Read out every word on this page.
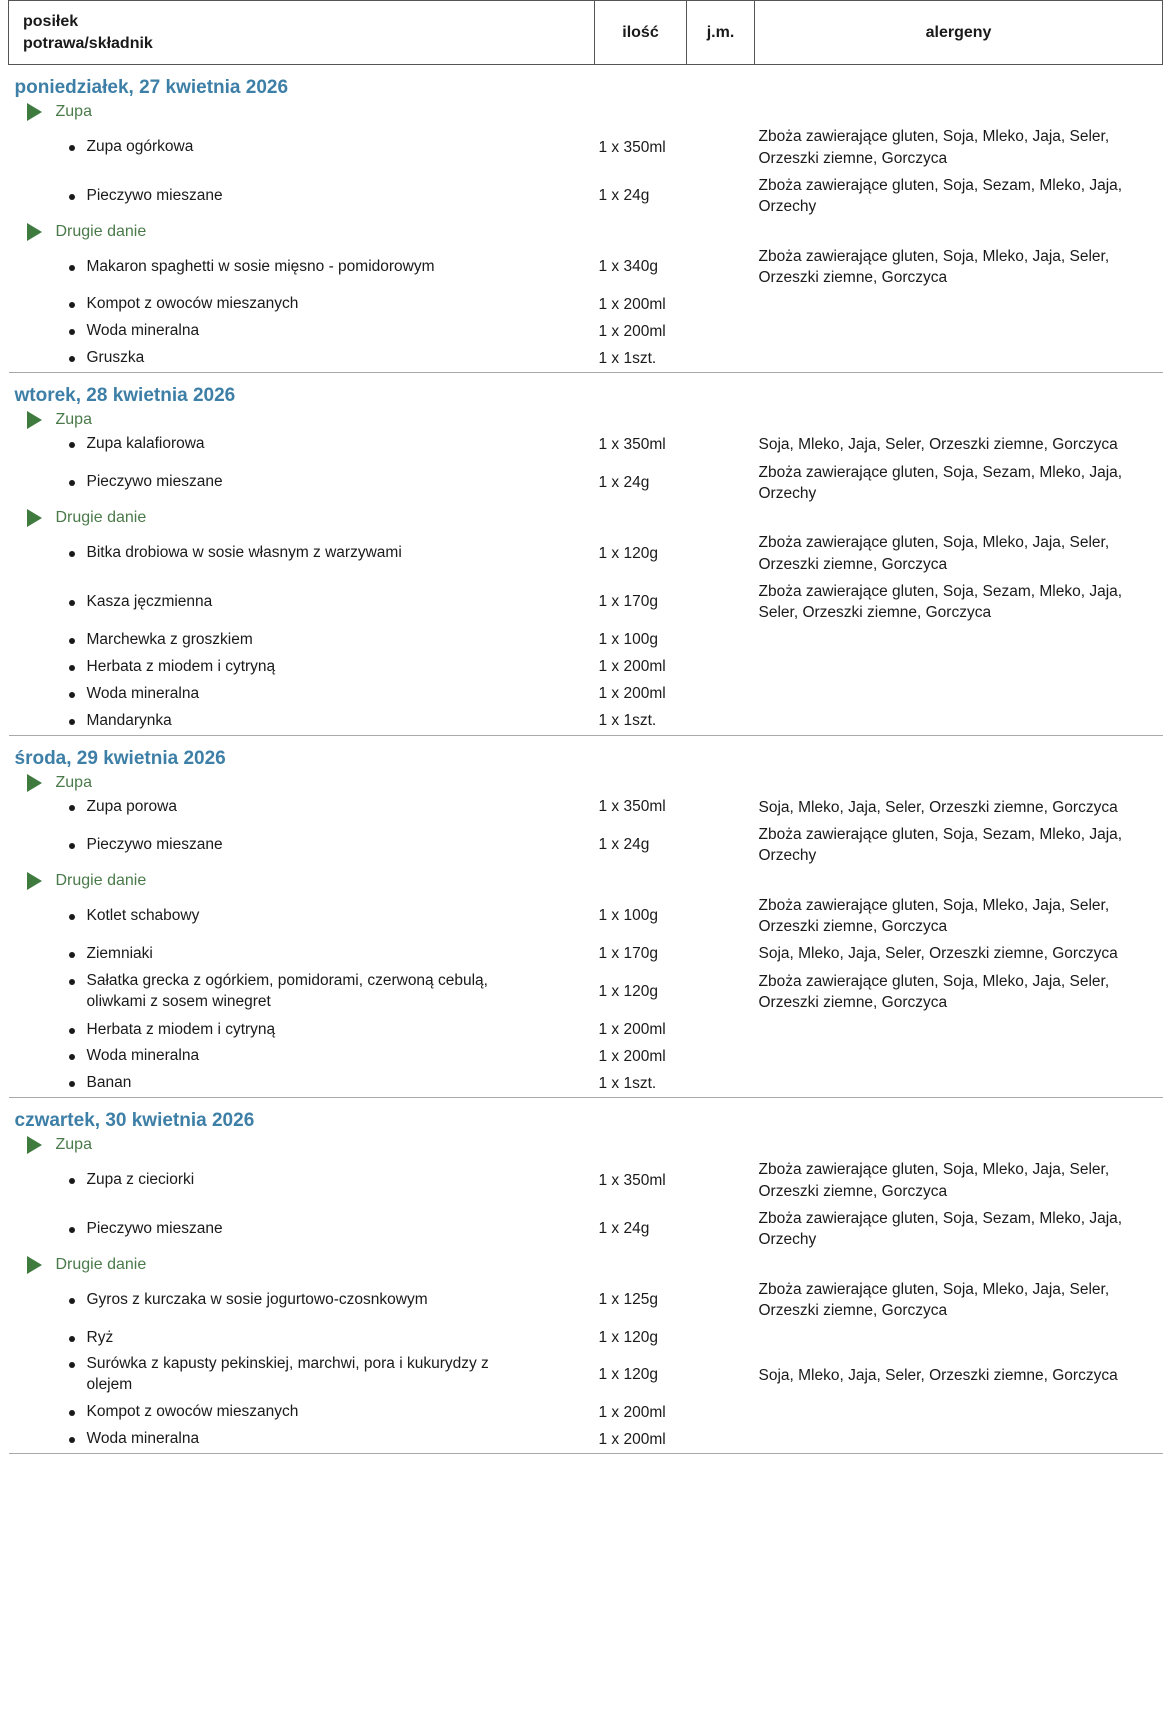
posiłek
potrawa/składnik	ilość	j.m.	alergeny

poniedziałek, 27 kwietnia 2026			

Zupa			

Zupa ogórkowa	1 x 350ml		Zboża zawierające gluten, Soja, Mleko, Jaja, Seler, Orzeszki ziemne, Gorczyca

Pieczywo mieszane	1 x 24g		Zboża zawierające gluten, Soja, Sezam, Mleko, Jaja, Orzechy

Drugie danie			

Makaron spaghetti w sosie mięsno - pomidorowym	1 x 340g		Zboża zawierające gluten, Soja, Mleko, Jaja, Seler, Orzeszki ziemne, Gorczyca

Kompot z owoców mieszanych	1 x 200ml		

Woda mineralna	1 x 200ml		

Gruszka	1 x 1szt.		

wtorek, 28 kwietnia 2026			

Zupa			

Zupa kalafiorowa	1 x 350ml		Soja, Mleko, Jaja, Seler, Orzeszki ziemne, Gorczyca

Pieczywo mieszane	1 x 24g		Zboża zawierające gluten, Soja, Sezam, Mleko, Jaja, Orzechy

Drugie danie			

Bitka drobiowa w sosie własnym z warzywami	1 x 120g		Zboża zawierające gluten, Soja, Mleko, Jaja, Seler, Orzeszki ziemne, Gorczyca

Kasza jęczmienna	1 x 170g		Zboża zawierające gluten, Soja, Sezam, Mleko, Jaja, Seler, Orzeszki ziemne, Gorczyca

Marchewka z groszkiem	1 x 100g		

Herbata z miodem i cytryną	1 x 200ml		

Woda mineralna	1 x 200ml		

Mandarynka	1 x 1szt.		

środa, 29 kwietnia 2026			

Zupa			

Zupa porowa	1 x 350ml		Soja, Mleko, Jaja, Seler, Orzeszki ziemne, Gorczyca

Pieczywo mieszane	1 x 24g		Zboża zawierające gluten, Soja, Sezam, Mleko, Jaja, Orzechy

Drugie danie			

Kotlet schabowy	1 x 100g		Zboża zawierające gluten, Soja, Mleko, Jaja, Seler, Orzeszki ziemne, Gorczyca

Ziemniaki	1 x 170g		Soja, Mleko, Jaja, Seler, Orzeszki ziemne, Gorczyca

Sałatka grecka z ogórkiem, pomidorami, czerwoną cebulą, oliwkami z sosem winegret	1 x 120g		Zboża zawierające gluten, Soja, Mleko, Jaja, Seler, Orzeszki ziemne, Gorczyca

Herbata z miodem i cytryną	1 x 200ml		

Woda mineralna	1 x 200ml		

Banan	1 x 1szt.		

czwartek, 30 kwietnia 2026			

Zupa			

Zupa z cieciorki	1 x 350ml		Zboża zawierające gluten, Soja, Mleko, Jaja, Seler, Orzeszki ziemne, Gorczyca

Pieczywo mieszane	1 x 24g		Zboża zawierające gluten, Soja, Sezam, Mleko, Jaja, Orzechy

Drugie danie			

Gyros z kurczaka w sosie jogurtowo-czosnkowym	1 x 125g		Zboża zawierające gluten, Soja, Mleko, Jaja, Seler, Orzeszki ziemne, Gorczyca

Ryż	1 x 120g		

Surówka z kapusty pekinskiej, marchwi, pora i kukurydzy z olejem	1 x 120g		Soja, Mleko, Jaja, Seler, Orzeszki ziemne, Gorczyca

Kompot z owoców mieszanych	1 x 200ml		

Woda mineralna	1 x 200ml		
